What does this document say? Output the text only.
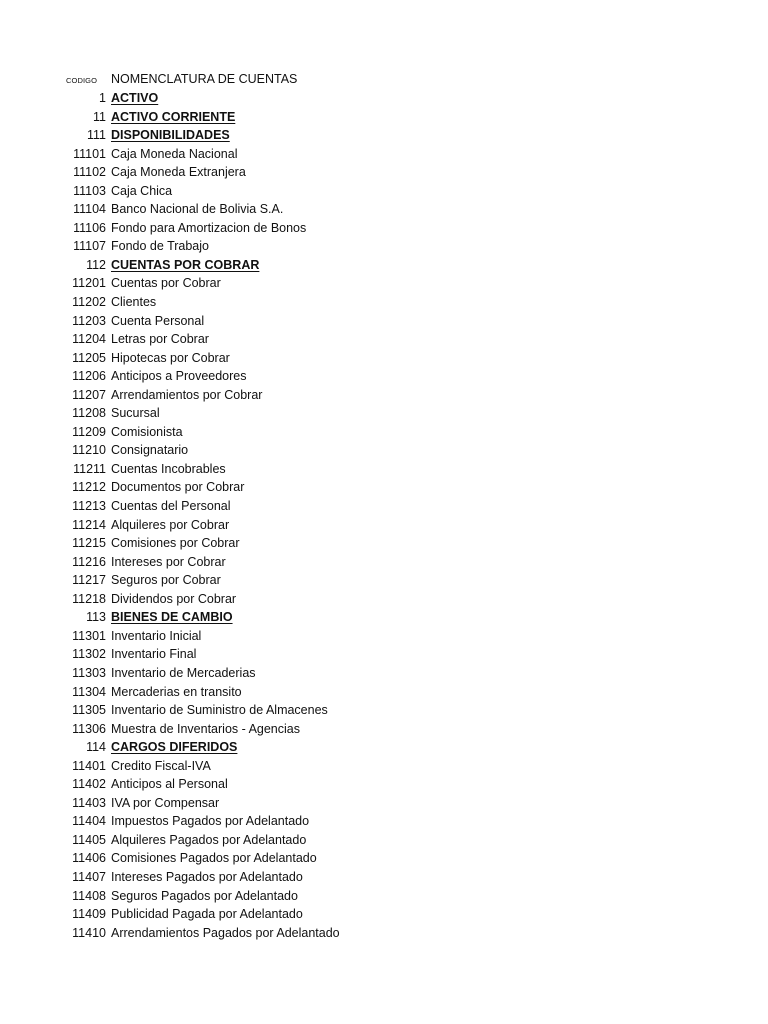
CODIGO NOMENCLATURA DE CUENTAS
1 ACTIVO
11 ACTIVO CORRIENTE
111 DISPONIBILIDADES
11101 Caja Moneda Nacional
11102 Caja Moneda Extranjera
11103 Caja Chica
11104 Banco Nacional de Bolivia S.A.
11106 Fondo para Amortizacion de Bonos
11107 Fondo de Trabajo
112 CUENTAS POR COBRAR
11201 Cuentas por Cobrar
11202 Clientes
11203 Cuenta Personal
11204 Letras por Cobrar
11205 Hipotecas por Cobrar
11206 Anticipos a Proveedores
11207 Arrendamientos por Cobrar
11208 Sucursal
11209 Comisionista
11210 Consignatario
11211 Cuentas Incobrables
11212 Documentos por Cobrar
11213 Cuentas del Personal
11214 Alquileres por Cobrar
11215 Comisiones por Cobrar
11216 Intereses por Cobrar
11217 Seguros por Cobrar
11218 Dividendos por Cobrar
113 BIENES DE CAMBIO
11301 Inventario Inicial
11302 Inventario Final
11303 Inventario de Mercaderias
11304 Mercaderias en transito
11305 Inventario de Suministro de Almacenes
11306 Muestra de Inventarios - Agencias
114 CARGOS DIFERIDOS
11401 Credito Fiscal-IVA
11402 Anticipos al Personal
11403 IVA por Compensar
11404 Impuestos Pagados por Adelantado
11405 Alquileres Pagados por Adelantado
11406 Comisiones Pagados por Adelantado
11407 Intereses Pagados por Adelantado
11408 Seguros Pagados por Adelantado
11409 Publicidad Pagada por Adelantado
11410 Arrendamientos Pagados por Adelantado
